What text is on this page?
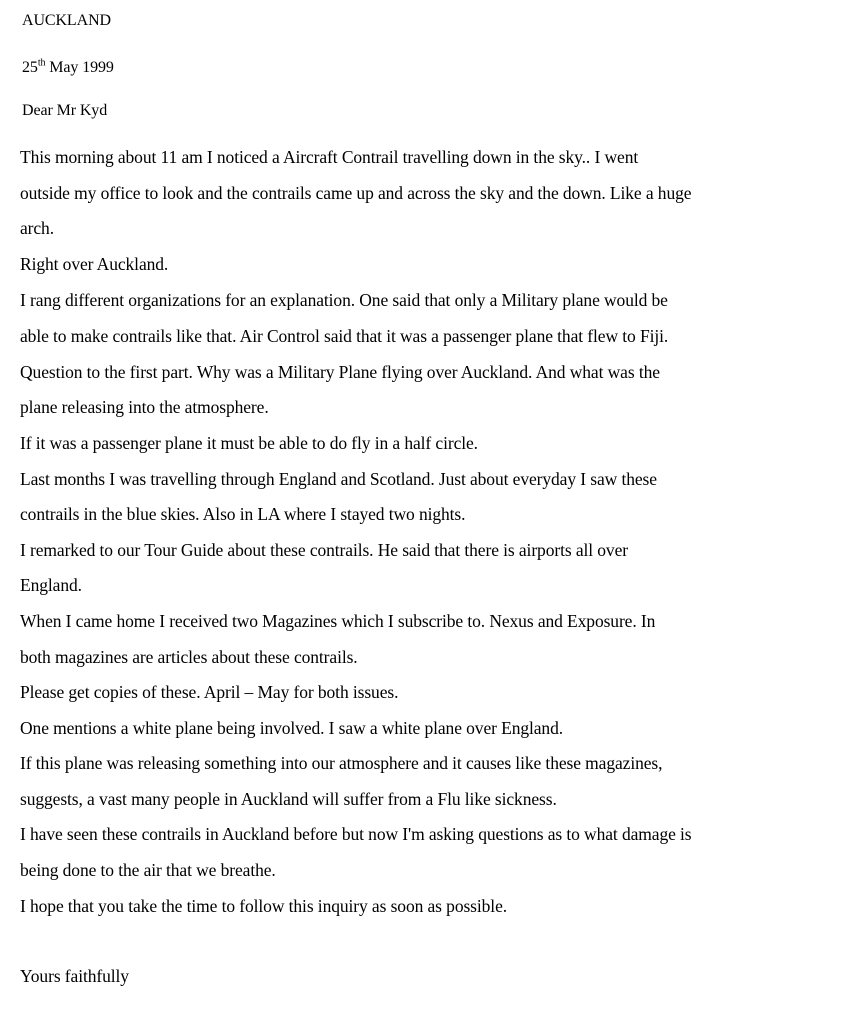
AUCKLAND
25th May 1999
Dear Mr Kyd
This morning about 11 am I noticed a Aircraft Contrail travelling down in the sky.. I went
outside my office to look and the contrails came up and across the sky and the down. Like a huge
arch.
Right over Auckland.
I rang different organizations for an explanation. One said that only a Military plane would be
able to make contrails like that. Air Control said that it was a passenger plane that flew to Fiji.
Question to the first part. Why was a Military Plane flying over Auckland. And what was the
plane releasing into the atmosphere.
If it was a passenger plane it must be able to do fly in a half circle.
Last months I was travelling through England and Scotland. Just about everyday I saw these
contrails in the blue skies. Also in LA where I stayed two nights.
I remarked to our Tour Guide about these contrails. He said that there is airports all over
England.
When I came home I received two Magazines which I subscribe to. Nexus and Exposure. In
both magazines are articles about these contrails.
Please get copies of these. April – May for both issues.
One mentions a white plane being involved. I saw a white plane over England.
If this plane was releasing something into our atmosphere and it causes like these magazines,
suggests, a vast many people in Auckland will suffer from a Flu like sickness.
I have seen these contrails in Auckland before but now I'm asking questions as to what damage is
being done to the air that we breathe.
I hope that you take the time to follow this inquiry as soon as possible.
Yours faithfully
